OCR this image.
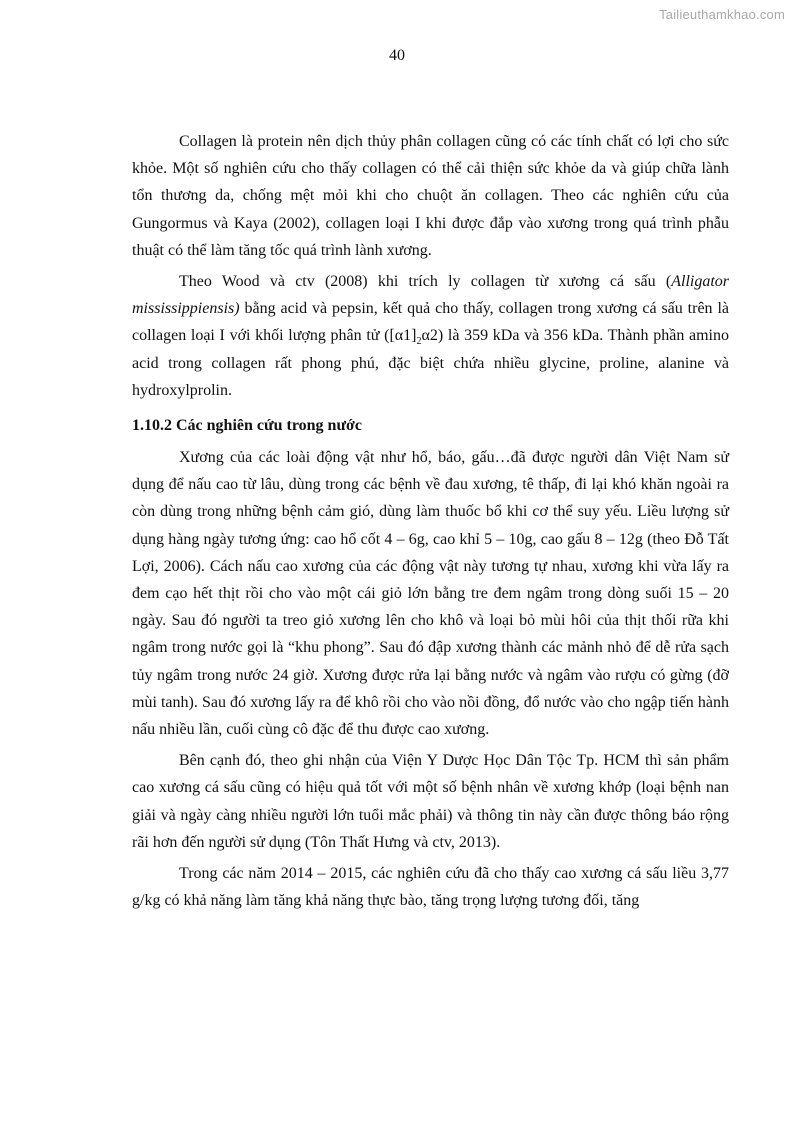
Tailieuthamkhao.com
40

Collagen là protein nên dịch thủy phân collagen cũng có các tính chất có lợi cho sức khỏe. Một số nghiên cứu cho thấy collagen có thể cải thiện sức khỏe da và giúp chữa lành tổn thương da, chống mệt mỏi khi cho chuột ăn collagen. Theo các nghiên cứu của Gungormus và Kaya (2002), collagen loại I khi được đắp vào xương trong quá trình phẫu thuật có thể làm tăng tốc quá trình lành xương.

Theo Wood và ctv (2008) khi trích ly collagen từ xương cá sấu (Alligator mississippiensis) bằng acid và pepsin, kết quả cho thấy, collagen trong xương cá sấu trên là collagen loại I với khối lượng phân tử $([\alpha 1]_2\alpha 2)$ là 359 kDa và 356 kDa. Thành phần amino acid trong collagen rất phong phú, đặc biệt chứa nhiều glycine, proline, alanine và hydroxylprolin.

1.10.2 Các nghiên cứu trong nước

Xương của các loài động vật như hổ, báo, gấu…đã được người dân Việt Nam sử dụng để nấu cao từ lâu, dùng trong các bệnh về đau xương, tê thấp, đi lại khó khăn ngoài ra còn dùng trong những bệnh cảm gió, dùng làm thuốc bổ khi cơ thể suy yếu. Liều lượng sử dụng hàng ngày tương ứng: cao hổ cốt 4 – 6g, cao khỉ 5 – 10g, cao gấu 8 – 12g (theo Đỗ Tất Lợi, 2006). Cách nấu cao xương của các động vật này tương tự nhau, xương khi vừa lấy ra đem cạo hết thịt rồi cho vào một cái giỏ lớn bằng tre đem ngâm trong dòng suối 15 – 20 ngày. Sau đó người ta treo giỏ xương lên cho khô và loại bỏ mùi hôi của thịt thối rữa khi ngâm trong nước gọi là “khu phong”. Sau đó đập xương thành các mảnh nhỏ để dễ rửa sạch tủy ngâm trong nước 24 giờ. Xương được rửa lại bằng nước và ngâm vào rượu có gừng (đỡ mùi tanh). Sau đó xương lấy ra để khô rồi cho vào nồi đồng, đổ nước vào cho ngập tiến hành nấu nhiều lần, cuối cùng cô đặc để thu được cao xương.

Bên cạnh đó, theo ghi nhận của Viện Y Dược Học Dân Tộc Tp. HCM thì sản phẩm cao xương cá sấu cũng có hiệu quả tốt với một số bệnh nhân về xương khớp (loại bệnh nan giải và ngày càng nhiều người lớn tuổi mắc phải) và thông tin này cần được thông báo rộng rãi hơn đến người sử dụng (Tôn Thất Hưng và ctv, 2013).

Trong các năm 2014 – 2015, các nghiên cứu đã cho thấy cao xương cá sấu liều 3,77 g/kg có khả năng làm tăng khả năng thực bào, tăng trọng lượng tương đối, tăng
